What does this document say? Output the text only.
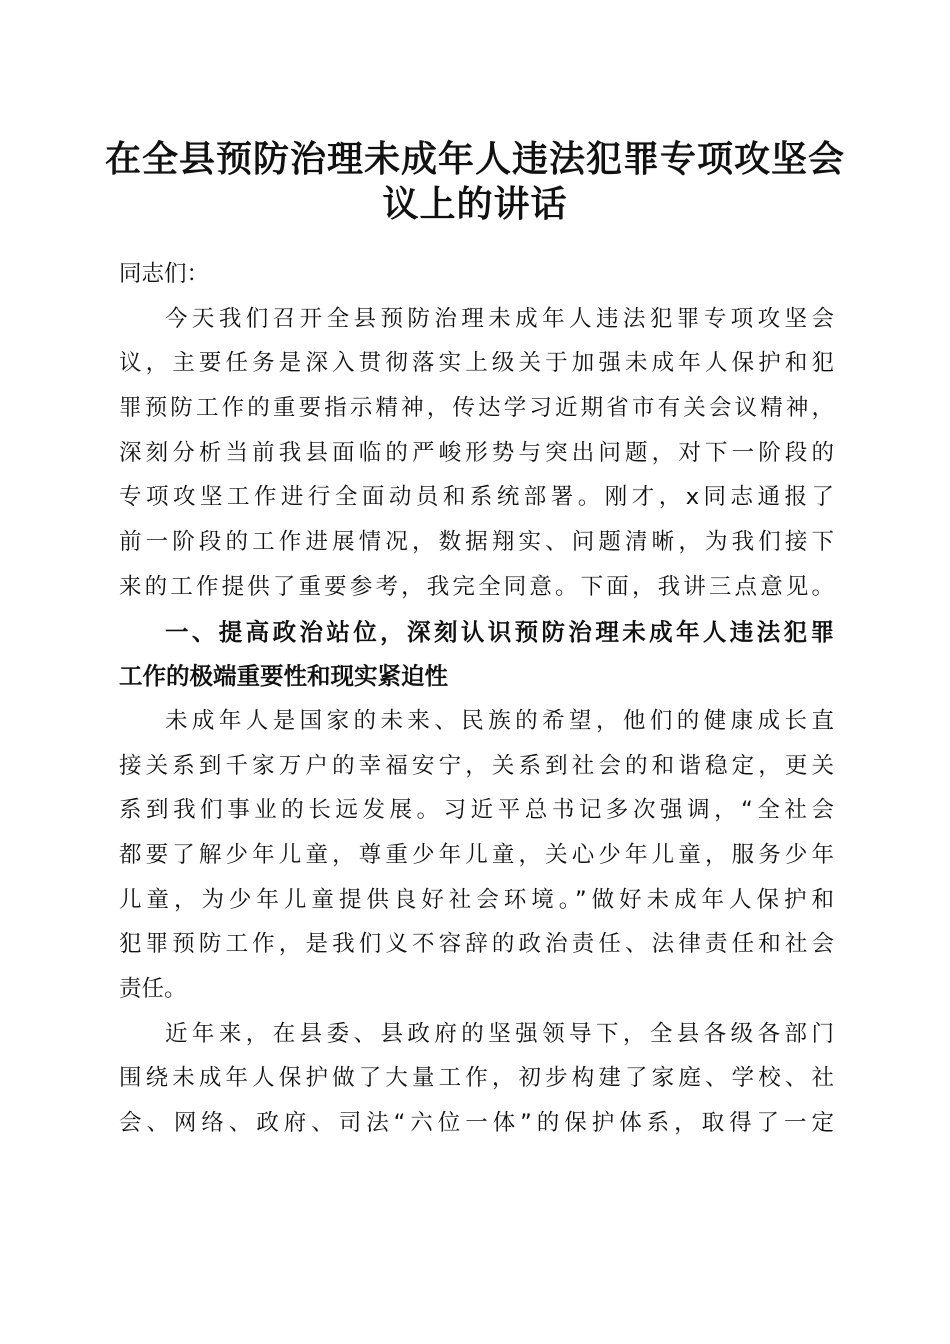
在全县预防治理未成年人违法犯罪专项攻坚会
议上的讲话
同志们：
今天我们召开全县预防治理未成年人违法犯罪专项攻坚会
议，主要任务是深入贯彻落实上级关于加强未成年人保护和犯
罪预防工作的重要指示精神，传达学习近期省市有关会议精神，
深刻分析当前我县面临的严峻形势与突出问题，对下一阶段的
专项攻坚工作进行全面动员和系统部署。刚才，x同志通报了
前一阶段的工作进展情况，数据翔实、问题清晰，为我们接下
来的工作提供了重要参考，我完全同意。下面，我讲三点意见。
一、提高政治站位，深刻认识预防治理未成年人违法犯罪
工作的极端重要性和现实紧迫性
未成年人是国家的未来、民族的希望，他们的健康成长直
接关系到千家万户的幸福安宁，关系到社会的和谐稳定，更关
系到我们事业的长远发展。习近平总书记多次强调，“全社会
都要了解少年儿童，尊重少年儿童，关心少年儿童，服务少年
儿童，为少年儿童提供良好社会环境。”做好未成年人保护和
犯罪预防工作，是我们义不容辞的政治责任、法律责任和社会
责任。
近年来，在县委、县政府的坚强领导下，全县各级各部门
围绕未成年人保护做了大量工作，初步构建了家庭、学校、社
会、网络、政府、司法“六位一体”的保护体系，取得了一定
